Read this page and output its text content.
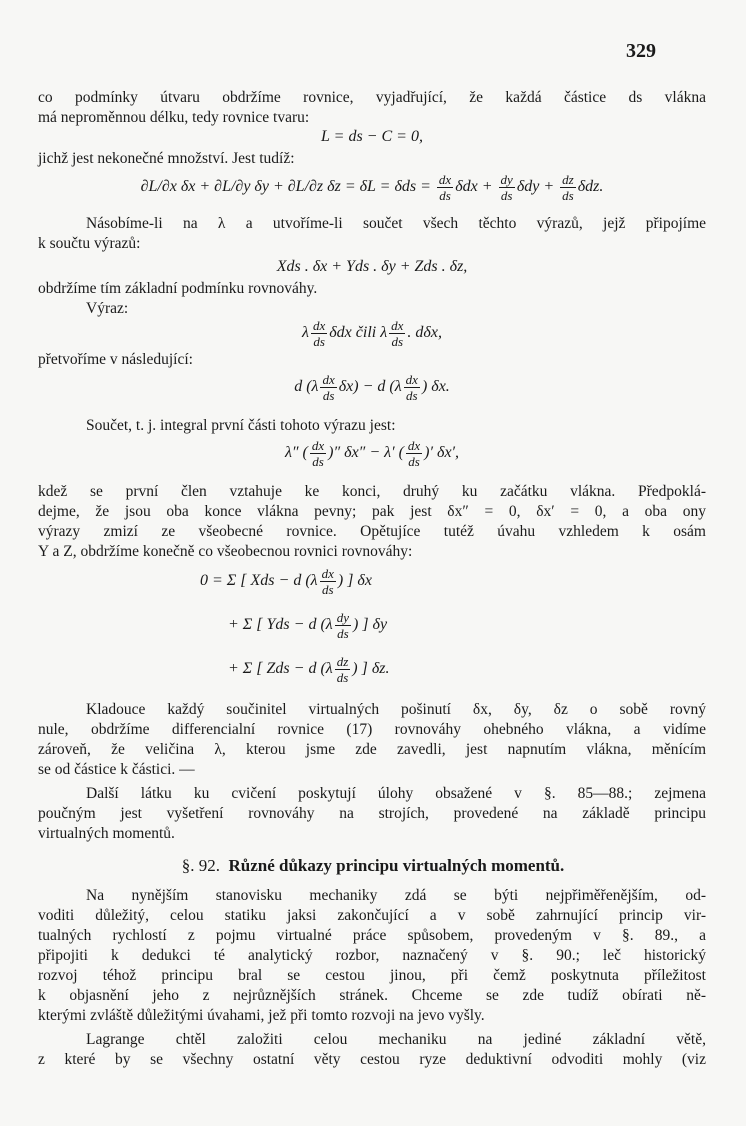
329
co podmínky útvaru obdržíme rovnice, vyjadřující, že každá částice ds vlákna
má neproměnnou délku, tedy rovnice tvaru:
L = ds − C = 0,
jichž jest nekonečné množství. Jest tudíž:
∂L/∂x δx + ∂L/∂y δy + ∂L/∂z $\delta z = \delta L = \delta ds = \frac{dx}{ds}$ $\delta dx + \frac{dy}{ds}$ $\delta dy + \frac{dz}{ds} \delta dz$.
Násobíme-li na λ a utvoříme-li součet všech těchto výrazů, jejž připojíme
k součtu výrazů:
Xds . δx + Yds . δy + Zds . δz,
obdržíme tím základní podmínku rovnováhy.
Výraz:
λ $\frac{dx}{ds}$ δdx čili λ $\frac{dx}{ds}$ . dδx,
přetvoříme v následující:
d $(\lambda \frac{dx}{ds} \delta x) - d$ ($\lambda \frac{dx}{ds}$ ) δx.
Součet, t. j. integral první části tohoto výrazu jest:
λ″ ( $\frac{dx}{ds}$ )″ δx″ − λ′ ( $\frac{dx}{ds}$ )′ δx′,
kdež se první člen vztahuje ke konci, druhý ku začátku vlákna. Předpoklá-
dejme, že jsou oba konce vlákna pevny; pak jest δx″ = 0, δx′ = 0, a oba ony
výrazy zmizí ze všeobecné rovnice. Opětujíce tutéž úvahu vzhledem k osám
Y a Z, obdržíme konečně co všeobecnou rovnici rovnováhy:
0 = Σ [ Xds − d ($\lambda \frac{dx}{ds}$ ) ] δx
+ Σ [ Yds − d ($\lambda \frac{dy}{ds}$ ) ] δy
+ Σ [ Zds − d ($\lambda \frac{dz}{ds}$ ) ] δz.
Kladouce každý součinitel virtualných pošinutí δx, δy, δz o sobě rovný
nule, obdržíme differencialní rovnice (17) rovnováhy ohebného vlákna, a vidíme
zároveň, že veličina λ, kterou jsme zde zavedli, jest napnutím vlákna, měnícím
se od částice k částici. —
Další látku ku cvičení poskytují úlohy obsažené v §. 85—88.; zejmena
poučným jest vyšetření rovnováhy na strojích, provedené na základě principu
virtualných momentů.
§. 92. Různé důkazy principu virtualných momentů.
Na nynějším stanovisku mechaniky zdá se býti nejpřiměřenějším, od-
voditi důležitý, celou statiku jaksi zakončující a v sobě zahrnující princip vir-
tualných rychlostí z pojmu virtualné práce spůsobem, provedeným v §. 89., a
připojiti k dedukci té analytický rozbor, naznačený v §. 90.; leč historický
rozvoj téhož principu bral se cestou jinou, při čemž poskytnuta příležitost
k objasnění jeho z nejrůznějších stránek. Chceme se zde tudíž obírati ně-
kterými zvláště důležitými úvahami, jež při tomto rozvoji na jevo vyšly.
Lagrange chtěl založiti celou mechaniku na jediné základní větě,
z které by se všechny ostatní věty cestou ryze deduktivní odvoditi mohly (viz
